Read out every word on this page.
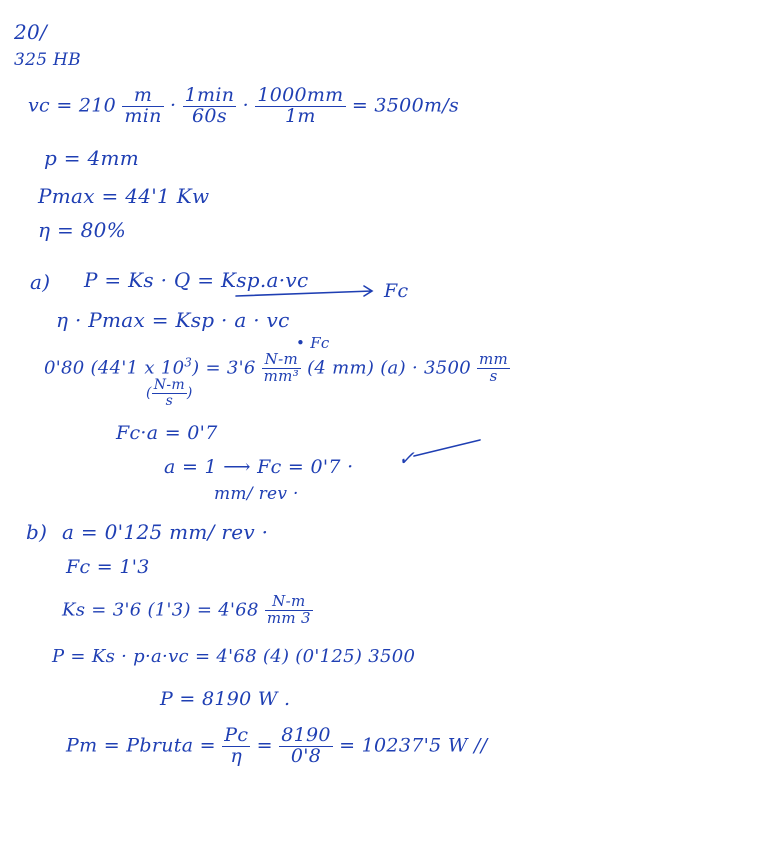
20/
325 HB
vc = $210 \frac{m}{\min} \cdot \frac{1\min}{60s} \cdot \frac{1000mm}{1m} = 3500m/s$
p = 4mm
Pmax = 44'1 Kw
η = 80%
a) P = Ks · Q = Ksp.a·vc	Fc
η · Pmax = Ksp · a · vc
• Fc
0'80 (44'1 x $10^3) = 3'6 \frac{N-m}{\text{mm³}} (4$ mm) $(a) \cdot 3500 \frac{mm}{s}$
( $\frac{N-m}{s}$ )
Fc·a = 0'7
a = 1 ⟶ Fc = 0'7 · ✓
mm/ rev ·
b) a = 0'125 mm/ rev ·
Fc = 1'3
Ks = 3'6 $(1'3) = 4'68 \frac{N-m}{mm 3}$
P = Ks · p·a·vc = 4'68 (4) (0'125) 3500
P = 8190 W .
Pm = Pbruta = $\frac{Pc}{\eta} = \frac{8190}{0'8} = 10237'5$ W //
